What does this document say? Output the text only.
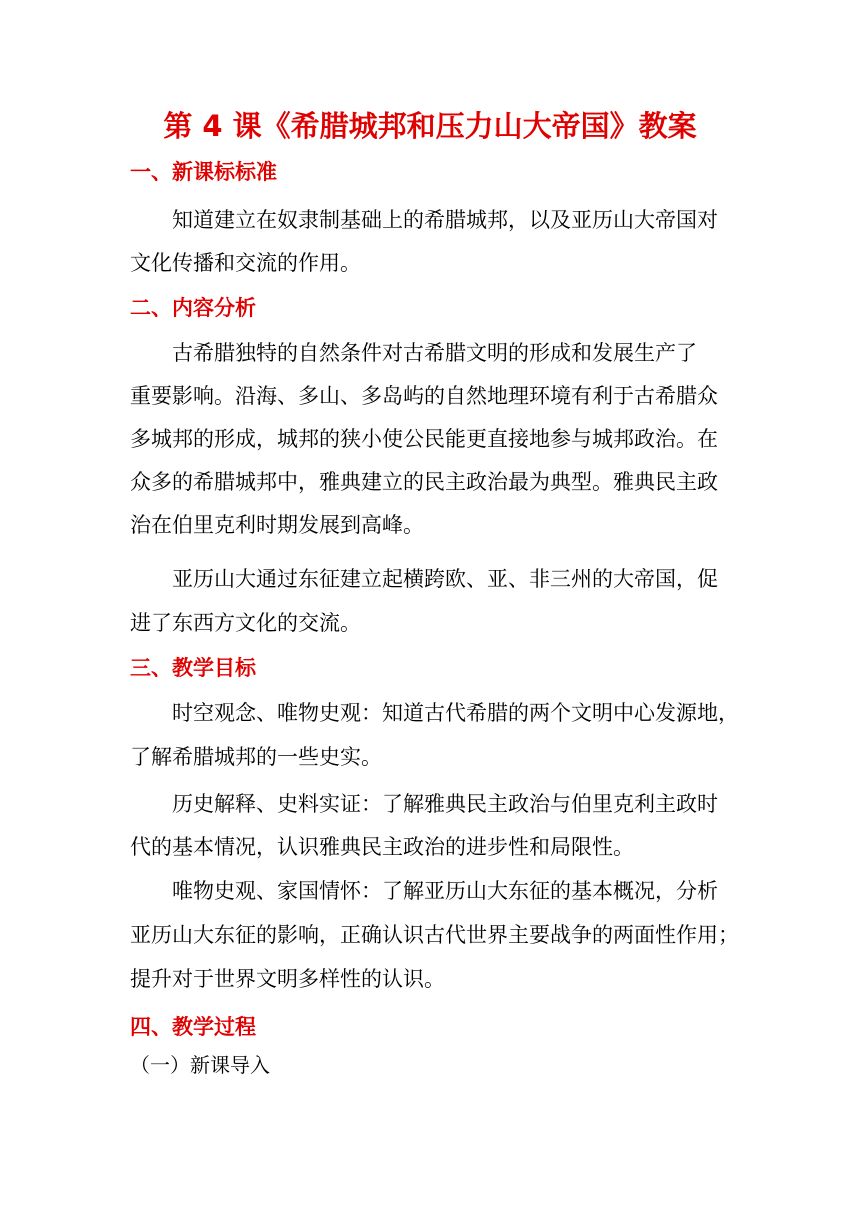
第 4 课《希腊城邦和压力山大帝国》教案
一、新课标标准
知道建立在奴隶制基础上的希腊城邦，以及亚历山大帝国对
文化传播和交流的作用。
二、内容分析
古希腊独特的自然条件对古希腊文明的形成和发展生产了
重要影响。沿海、多山、多岛屿的自然地理环境有利于古希腊众
多城邦的形成，城邦的狭小使公民能更直接地参与城邦政治。在
众多的希腊城邦中，雅典建立的民主政治最为典型。雅典民主政
治在伯里克利时期发展到高峰。
亚历山大通过东征建立起横跨欧、亚、非三州的大帝国，促
进了东西方文化的交流。
三、教学目标
时空观念、唯物史观：知道古代希腊的两个文明中心发源地，
了解希腊城邦的一些史实。
历史解释、史料实证：了解雅典民主政治与伯里克利主政时
代的基本情况，认识雅典民主政治的进步性和局限性。
唯物史观、家国情怀：了解亚历山大东征的基本概况，分析
亚历山大东征的影响，正确认识古代世界主要战争的两面性作用；
提升对于世界文明多样性的认识。
四、教学过程
（一）新课导入
